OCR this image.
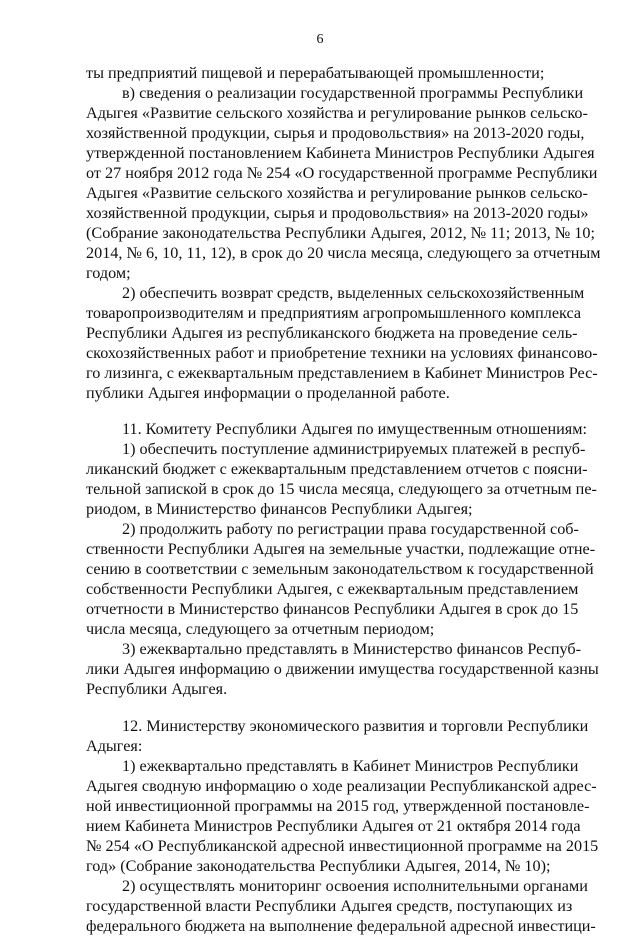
6
ты предприятий пищевой и перерабатывающей промышленности;
в) сведения о реализации государственной программы Республики
Адыгея «Развитие сельского хозяйства и регулирование рынков сельско-
хозяйственной продукции, сырья и продовольствия» на 2013-2020 годы,
утвержденной постановлением Кабинета Министров Республики Адыгея
от 27 ноября 2012 года № 254 «О государственной программе Республики
Адыгея «Развитие сельского хозяйства и регулирование рынков сельско-
хозяйственной продукции, сырья и продовольствия» на 2013-2020 годы»
(Собрание законодательства Республики Адыгея, 2012, № 11; 2013, № 10;
2014, № 6, 10, 11, 12), в срок до 20 числа месяца, следующего за отчетным
годом;
2) обеспечить возврат средств, выделенных сельскохозяйственным
товаропроизводителям и предприятиям агропромышленного комплекса
Республики Адыгея из республиканского бюджета на проведение сель-
скохозяйственных работ и приобретение техники на условиях финансово-
го лизинга, с ежеквартальным представлением в Кабинет Министров Рес-
публики Адыгея информации о проделанной работе.
11. Комитету Республики Адыгея по имущественным отношениям:
1) обеспечить поступление администрируемых платежей в респуб-
ликанский бюджет с ежеквартальным представлением отчетов с поясни-
тельной запиской в срок до 15 числа месяца, следующего за отчетным пе-
риодом, в Министерство финансов Республики Адыгея;
2) продолжить работу по регистрации права государственной соб-
ственности Республики Адыгея на земельные участки, подлежащие отне-
сению в соответствии с земельным законодательством к государственной
собственности Республики Адыгея, с ежеквартальным представлением
отчетности в Министерство финансов Республики Адыгея в срок до 15
числа месяца, следующего за отчетным периодом;
3) ежеквартально представлять в Министерство финансов Респуб-
лики Адыгея информацию о движении имущества государственной казны
Республики Адыгея.
12. Министерству экономического развития и торговли Республики
Адыгея:
1) ежеквартально представлять в Кабинет Министров Республики
Адыгея сводную информацию о ходе реализации Республиканской адрес-
ной инвестиционной программы на 2015 год, утвержденной постановле-
нием Кабинета Министров Республики Адыгея от 21 октября 2014 года
№ 254 «О Республиканской адресной инвестиционной программе на 2015
год» (Собрание законодательства Республики Адыгея, 2014, № 10);
2) осуществлять мониторинг освоения исполнительными органами
государственной власти Республики Адыгея средств, поступающих из
федерального бюджета на выполнение федеральной адресной инвестици-
